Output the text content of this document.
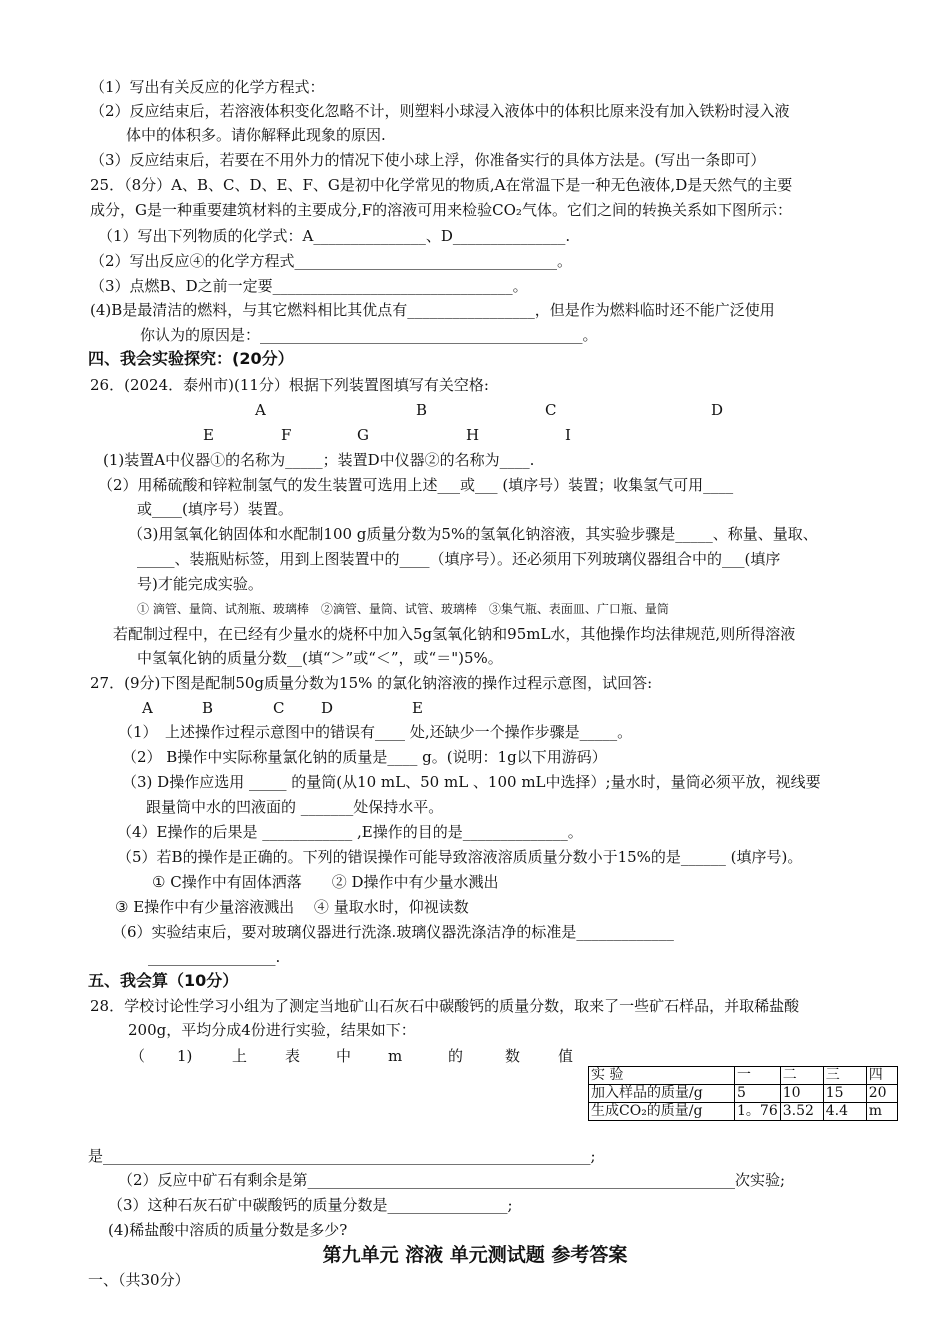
（1）写出有关反应的化学方程式：
（2）反应结束后，若溶液体积变化忽略不计，则塑料小球浸入液体中的体积比原来没有加入铁粉时浸入液
体中的体积多。请你解释此现象的原因.
（3）反应结束后，若要在不用外力的情况下使小球上浮，你准备实行的具体方法是。(写出一条即可）
25．（8分）A、B、C、D、E、F、G是初中化学常见的物质,A在常温下是一种无色液体,D是天然气的主要
成分，G是一种重要建筑材料的主要成分,F的溶液可用来检验CO₂气体。它们之间的转换关系如下图所示：
（1）写出下列物质的化学式：A_______________、D_______________.
（2）写出反应④的化学方程式___________________________________。
（3）点燃B、D之前一定要________________________________。
(4)B是最清洁的燃料，与其它燃料相比其优点有_________________，但是作为燃料临时还不能广泛使用
你认为的原因是：___________________________________________。
四、我会实验探究：(20分）
26．(2024．泰州市)(11分）根据下列装置图填写有关空格:
A	B	C	D
E	F	G	H	I
(1)装置A中仪器①的名称为_____；装置D中仪器②的名称为____.
（2）用稀硫酸和锌粒制氢气的发生装置可选用上述___或___ (填序号）装置；收集氢气可用____
或____(填序号）装置。
（3)用氢氧化钠固体和水配制100 g质量分数为5%的氢氧化钠溶液，其实验步骤是_____、称量、量取、
_____、装瓶贴标签，用到上图装置中的____（填序号）。还必须用下列玻璃仪器组合中的___(填序
号)才能完成实验。
① 滴管、量筒、试剂瓶、玻璃棒　②滴管、量筒、试管、玻璃棒　③集气瓶、表面皿、广口瓶、量筒
若配制过程中，在已经有少量水的烧杯中加入5g氢氧化钠和95mL水，其他操作均法律规范,则所得溶液
中氢氧化钠的质量分数__(填“＞”或“＜”，或“＝")5%。
27．(9分)下图是配制50g质量分数为15% 的氯化钠溶液的操作过程示意图，试回答:
A	B	C D	E
（1）　上述操作过程示意图中的错误有____ 处,还缺少一个操作步骤是_____。
（2） B操作中实际称量氯化钠的质量是____ g。(说明：1g以下用游码）
（3) D操作应选用 _____ 的量筒(从10 mL、50 mL 、100 mL中选择）;量水时，量筒必须平放，视线要
跟量筒中水的凹液面的 _______处保持水平。
（4）E操作的后果是 ____________ ,E操作的目的是______________。
（5）若B的操作是正确的。下列的错误操作可能导致溶液溶质质量分数小于15%的是______ (填序号)。
① C操作中有固体洒落　　② D操作中有少量水溅出
③ E操作中有少量溶液溅出　 ④ 量取水时，仰视读数
（6）实验结束后，要对玻璃仪器进行洗涤.玻璃仪器洗涤洁净的标准是_____________
_________________.
五、我会算（10分）
28．学校讨论性学习小组为了测定当地矿山石灰石中碳酸钙的质量分数，取来了一些矿石样品，并取稀盐酸
200g，平均分成4份进行实验，结果如下：
（ 1)	上	表 中 m	的	数	值
实 验	一	二	三	四
加入样品的质量/g	5	10	15	20
生成CO₂的质量/g	1。76	3.52	4.4	m
是_________________________________________________________________;
（2）反应中矿石有剩余是第_________________________________________________________次实验;
（3）这种石灰石矿中碳酸钙的质量分数是________________;
(4)稀盐酸中溶质的质量分数是多少?
第九单元 溶液 单元测试题 参考答案
一、（共30分）
